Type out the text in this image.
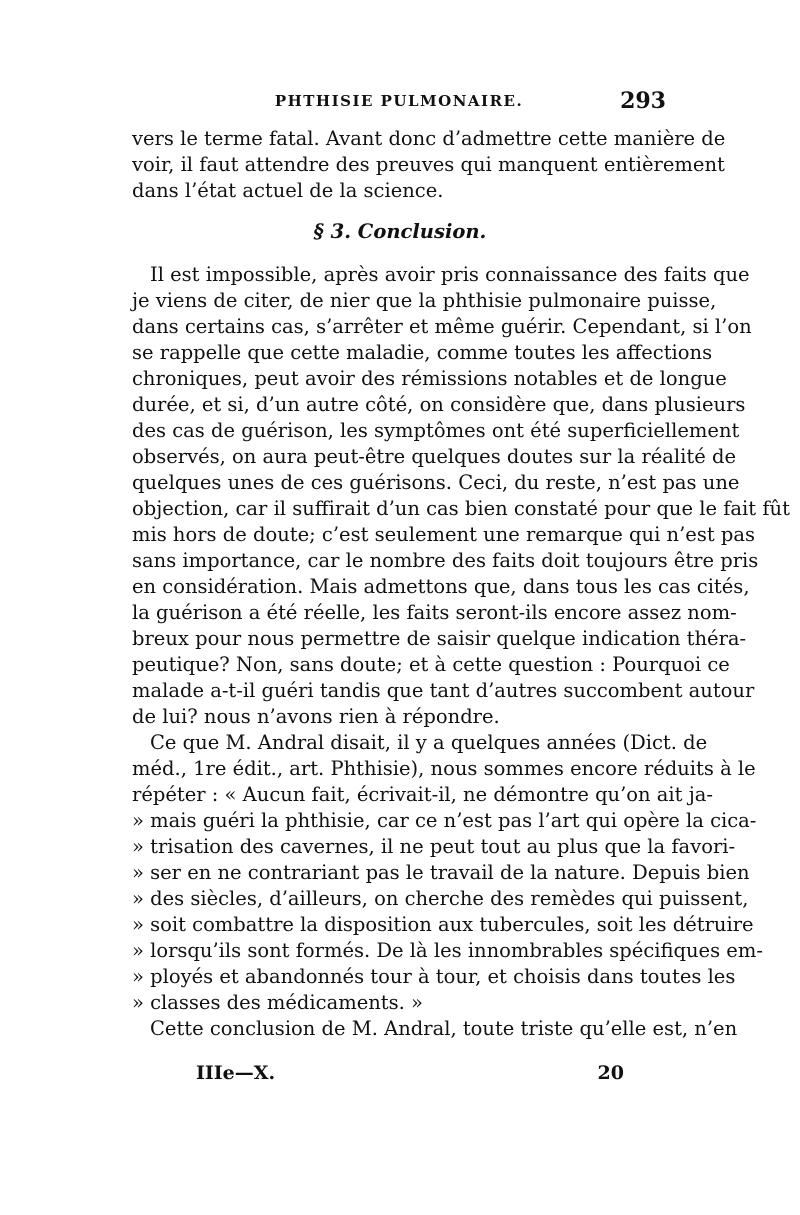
PHTHISIE PULMONAIRE.	293
vers le terme fatal. Avant donc d’admettre cette manière de
voir, il faut attendre des preuves qui manquent entièrement
dans l’état actuel de la science.
§ 3. Conclusion.
Il est impossible, après avoir pris connaissance des faits que
je viens de citer, de nier que la phthisie pulmonaire puisse,
dans certains cas, s’arrêter et même guérir. Cependant, si l’on
se rappelle que cette maladie, comme toutes les affections
chroniques, peut avoir des rémissions notables et de longue
durée, et si, d’un autre côté, on considère que, dans plusieurs
des cas de guérison, les symptômes ont été superficiellement
observés, on aura peut-être quelques doutes sur la réalité de
quelques unes de ces guérisons. Ceci, du reste, n’est pas une
objection, car il suffirait d’un cas bien constaté pour que le fait fût
mis hors de doute; c’est seulement une remarque qui n’est pas
sans importance, car le nombre des faits doit toujours être pris
en considération. Mais admettons que, dans tous les cas cités,
la guérison a été réelle, les faits seront-ils encore assez nom-
breux pour nous permettre de saisir quelque indication théra-
peutique? Non, sans doute; et à cette question : Pourquoi ce
malade a-t-il guéri tandis que tant d’autres succombent autour
de lui? nous n’avons rien à répondre.
Ce que M. Andral disait, il y a quelques années (Dict. de
méd., 1re édit., art. Phthisie), nous sommes encore réduits à le
répéter : « Aucun fait, écrivait-il, ne démontre qu’on ait ja-
» mais guéri la phthisie, car ce n’est pas l’art qui opère la cica-
» trisation des cavernes, il ne peut tout au plus que la favori-
» ser en ne contrariant pas le travail de la nature. Depuis bien
» des siècles, d’ailleurs, on cherche des remèdes qui puissent,
» soit combattre la disposition aux tubercules, soit les détruire
» lorsqu’ils sont formés. De là les innombrables spécifiques em-
» ployés et abandonnés tour à tour, et choisis dans toutes les
» classes des médicaments. »
Cette conclusion de M. Andral, toute triste qu’elle est, n’en
IIIe—X.	20
